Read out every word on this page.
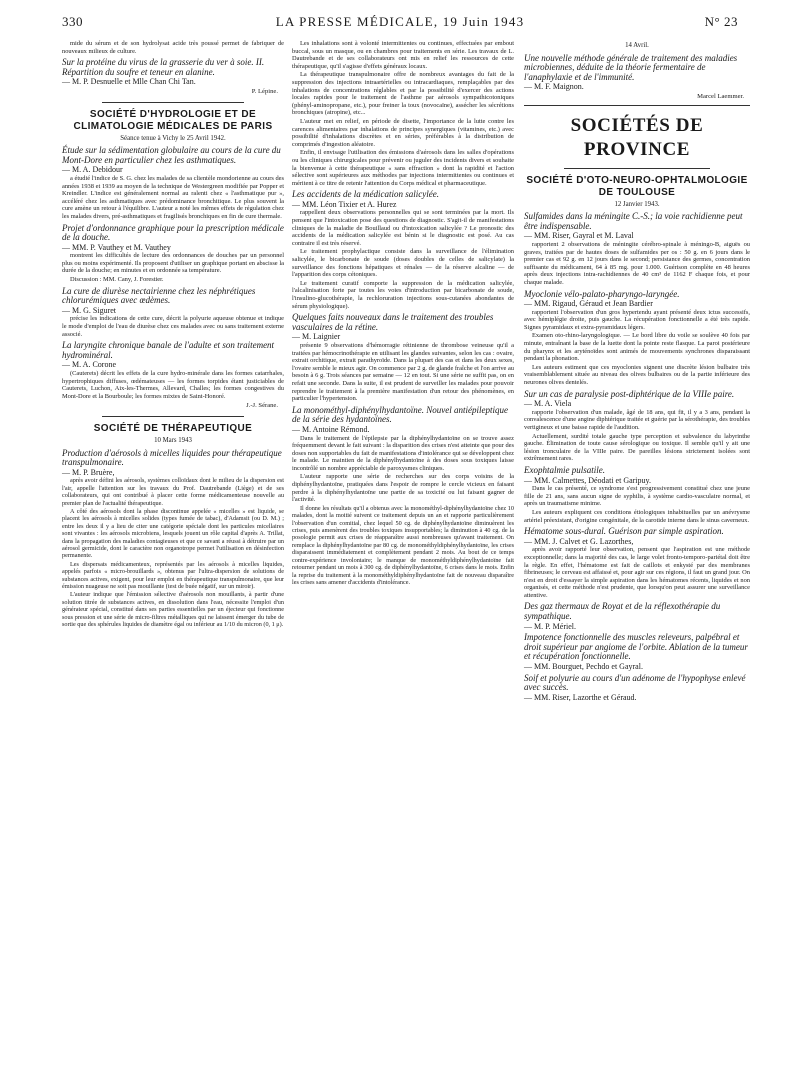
330	LA PRESSE MÉDICALE, 19 Juin 1943	N° 23

mide du sérum et de son hydrolysat acide très poussé permet de fabriquer de nouveaux milieux de culture.

Sur la protéine du virus de la grasserie du ver à soie. II. Répartition du soufre et teneur en alanine.
— M. P. Desnuelle et Mlle Chan Chi Tan.
P. Lépine.
SOCIÉTÉ D'HYDROLOGIE ET DE CLIMATOLOGIE MÉDICALES DE PARIS
Séance tenue à Vichy le 25 Avril 1942.
Étude sur la sédimentation globulaire au cours de la cure du Mont-Dore en particulier chez les asthmatiques.
— M. A. Debidour

a étudié l'indice de S. G. chez les malades de sa clientèle mondorienne au cours des années 1938 et 1939 au moyen de la technique de Westergreen modifiée par Popper et Kreindler. L'indice est généralement normal au ralenti chez « l'asthmatique pur », accéléré chez les asthmatiques avec prédominance bronchitique. Le plus souvent la cure amène un retour à l'équilibre. L'auteur a noté les mêmes effets de régulation chez les malades divers, pré-asthmatiques et fragilisés bronchiques en fin de cure thermale.

Projet d'ordonnance graphique pour la prescription médicale de la douche.
— MM. P. Vauthey et M. Vauthey

montrent les difficultés de lecture des ordonnances de douches par un personnel plus ou moins expérimenté. Ils proposent d'utiliser un graphique portant en abscisse la durée de la douche; en minutes et en ordonnée sa température.

Discussion : MM. Cany, J. Forestier.

La cure de diurèse nectairienne chez les néphrétiques chlorurémiques avec œdèmes.
— M. G. Siguret

précise les indications de cette cure, décrit la polyurie aqueuse obtenue et indique le mode d'emploi de l'eau de diurèse chez ces malades avec ou sans traitement externe associé.

La laryngite chronique banale de l'adulte et son traitement hydrominéral.
— M. A. Corone

(Cauterets) décrit les effets de la cure hydro-minérale dans les formes catarrhales, hypertrophiques diffuses, œdémateuses — les formes torpides étant justiciables de Cauterets, Luchon, Aix-les-Thermes, Allevard, Challes; les formes congestives du Mont-Dore et la Bourboule; les formes mixtes de Saint-Honoré.

J.-J. Sérane.
SOCIÉTÉ DE THÉRAPEUTIQUE
10 Mars 1943
Production d'aérosols à micelles liquides pour thérapeutique transpulmonaire.
— M. P. Bruère,

après avoir défini les aérosols, systèmes colloïdaux dont le milieu de la dispersion est l'air, appelle l'attention sur les travaux du Prof. Dautrebande (Liège) et de ses collaborateurs, qui ont contribué à placer cette forme médicamenteuse nouvelle au premier plan de l'actualité thérapeutique.

A côté des aérosols dont la phase discontinue appelée « micelles » est liquide, se placent les aérosols à micelles solides (types fumée de tabac), d'Adamsit (ou D. M.) ; entre les deux il y a lieu de citer une catégorie spéciale dont les particules micellaires sont vivantes : les aérosols microbiens, lesquels jouent un rôle capital d'après A. Trillat, dans la propagation des maladies contagieuses et que ce savant a réussi à détruire par un aérosol germicide, dont le caractère non organotrope permet l'utilisation en désinfection permanente.

Les dispersats médicamenteux, représentés par les aérosols à micelles liquides, appelés parfois « micro-brouillards », obtenus par l'ultra-dispersion de solutions de substances actives, exigent, pour leur emploi en thérapeutique transpulmonaire, que leur émission nuageuse ne soit pas mouillante (test de buée négatif, sur un miroir).

L'auteur indique que l'émission sélective d'aérosols non mouillants, à partir d'une solution titrée de substances actives, en dissolution dans l'eau, nécessite l'emploi d'un générateur spécial, constitué dans ses parties essentielles par un éjecteur qui fonctionne sous pression et une série de micro-filtres métalliques qui ne laissent émerger du tube de sortie que des sphérules liquides de diamètre égal ou inférieur au 1/10 du micron (0, 1 μ).

Les inhalations sont à volonté intermittentes ou continues, effectuées par embout buccal, sous un masque, ou en chambres pour traitements en série. Les travaux de L. Dautrebande et de ses collaborateurs ont mis en relief les ressources de cette thérapeutique, qu'il s'agisse d'effets généraux locaux.

La thérapeutique transpulmonaire offre de nombreux avantages du fait de la suppression des injections intraartérielles ou intracardiaques, remplaçables par des inhalations de concentrations réglables et par la possibilité d'exercer des actions locales rapides pour le traitement de l'asthme par aérosols sympathicotoniques (phényl-aminopropane, etc.), pour freiner la toux (novocaïne), assécher les sécrétions bronchiques (atropine), etc...

L'auteur met en relief, en période de disette, l'importance de la lutte contre les carences alimentaires par inhalations de principes synergiques (vitamines, etc.) avec possibilité d'inhalations discrètes et en séries, préférables à la distribution de comprimés d'ingestion aléatoire.

Enfin, il envisage l'utilisation des émissions d'aérosols dans les salles d'opérations ou les cliniques chirurgicales pour prévenir ou juguler des incidents divers et souhaite la bienvenue à cette thérapeutique « sans effraction » dont la rapidité et l'action sélective sont supérieures aux méthodes par injections intermittentes ou continues et méritent à ce titre de retenir l'attention du Corps médical et pharmaceutique.

Les accidents de la médication salicylée.
— MM. Léon Tixier et A. Hurez

rappellent deux observations personnelles qui se sont terminées par la mort. Ils pensent que l'intoxication pose des questions de diagnostic. S'agit-il de manifestations cliniques de la maladie de Bouillaud ou d'intoxication salicylée ? Le pronostic des accidents de la médication salicylée est bénin si le diagnostic est posé. Au cas contraire il est très réservé.

Le traitement prophylactique consiste dans la surveillance de l'élimination salicylée, le bicarbonate de soude (doses doubles de celles de salicylate) la surveillance des fonctions hépatiques et rénales — de la réserve alcaline — de l'apparition des corps cétoniques.

Le traitement curatif comporte la suppression de la médication salicylée, l'alcalinisation forte par toutes les voies d'introduction par bicarbonate de soude, l'insulino-glucothérapie, la rechloruration injections sous-cutanées abondantes de sérum physiologique).

Quelques faits nouveaux dans le traitement des troubles vasculaires de la rétine.
— M. Laignier

présente 9 observations d'hémorragie rétinienne de thrombose veineuse qu'il a traitées par hémocrinothérapie en utilisant les glandes suivantes, selon les cas : ovaire, extrait orchitique, extrait parathyroïde. Dans la plupart des cas et dans les deux sexes, l'ovaire semble le mieux agir. On commence par 2 g. de glande fraîche et l'on arrive au besoin à 6 g. Trois séances par semaine — 12 en tout. Si une série ne suffit pas, on en refait une seconde. Dans la suite, il est prudent de surveiller les malades pour pouvoir reprendre le traitement à la première manifestation d'un retour des phénomènes, en particulier l'hypertension.

La monométhyl-diphénylhydantoïne. Nouvel antiépileptique de la série des hydantoïnes.
— M. Antoine Rémond.

Dans le traitement de l'épilepsie par la diphénylhydantoïne on se trouve assez fréquemment devant le fait suivant : la disparition des crises n'est atteinte que pour des doses non supportables du fait de manifestations d'intolérance qui se développent chez le malade. Le maintien de la diphénylhydantoïne à des doses sous toxiques laisse incontrôlé un nombre appréciable de paroxysmes cliniques.

L'auteur rapporte une série de recherches sur des corps voisins de la diphénylhydantoïne, pratiquées dans l'espoir de rompre le cercle vicieux en faisant perdre à la diphénylhydantoïne une partie de sa toxicité ou lui faisant gagner de l'activité.

Il donne les résultats qu'il a obtenus avec la monométhyl-diphénylhydantoïne chez 10 malades, dont la moitié suivent ce traitement depuis un an et rapporte particulièrement l'observation d'un comitial, chez lequel 50 cg. de diphénylhydantoïne diminuèrent les crises, puis amenèrent des troubles toxiques insupportables; la diminution à 40 cg. de la posologie permit aux crises de réapparaître aussi nombreuses qu'avant traitement. On remplace la diphénylhydantoïne par 80 cg. de monométhyldiphénylhydantoïne, les crises disparaissent immédiatement et complètement pendant 2 mois. Au bout de ce temps contre-expérience involontaire; le manque de monométhyldiphénylhydantoïne fait retourner pendant un mois à 300 cg. de diphénylhydantoïne, 6 crises dans le mois. Enfin la reprise du traitement à la monométhyldiphénylhydantoïne fait de nouveau disparaître les crises sans amener d'accidents d'intolérance.

14 Avril.
Une nouvelle méthode générale de traitement des maladies microbiennes, déduite de la théorie fermentaire de l'anaphylaxie et de l'immunité.
— M. F. Maignon.
Marcel Laemmer.
SOCIÉTÉS DE PROVINCE
SOCIÉTÉ D'OTO-NEURO-OPHTALMOLOGIE DE TOULOUSE
12 Janvier 1943.
Sulfamides dans la méningite C.-S.; la voie rachidienne peut être indispensable.
— MM. Riser, Gayral et M. Laval

rapportent 2 observations de méningite cérébro-spinale à méningo-B, aiguës ou graves, traitées par de hautes doses de sulfamides per os : 50 g. en 6 jours dans le premier cas et 92 g. en 12 jours dans le second; persistance des germes, concentration suffisante du médicament, 64 à 85 mg. pour 1.000. Guérison complète en 48 heures après deux injections intra-rachidiennes de 40 cm³ de 1162 F chaque fois, et pour chaque malade.

Myoclonie vélo-palato-pharyngo-laryngée.
— MM. Rigaud, Géraud et Jean Bardier

rapportent l'observation d'un gros hypertendu ayant présenté deux ictus successifs, avec hémiplégie droite, puis gauche. La récupération fonctionnelle a été très rapide. Signes pyramidaux et extra-pyramidaux légers.

Examen oto-rhino-laryngologique. — Le bord libre du voile se soulève 40 fois par minute, entraînant la base de la luette dont la pointe reste flasque. La paroi postérieure du pharynx et les aryténoïdes sont animés de mouvements synchrones disparaissant pendant la phonation.

Les auteurs estiment que ces myoclonies signent une discrète lésion bulbaire très vraisemblablement située au niveau des olives bulbaires ou de la partie inférieure des neurones olives dentelés.

Sur un cas de paralysie post-diphtérique de la VIIIe paire.
— M. A. Viela

rapporte l'observation d'un malade, âgé de 18 ans, qui fit, il y a 3 ans, pendant la convalescence d'une angine diphtérique traitée et guérie par la sérothérapie, des troubles vertigineux et une baisse rapide de l'audition.

Actuellement, surdité totale gauche type perception et subvalence du labyrinthe gauche. Élimination de toute cause sérologique ou toxique. Il semble qu'il y ait une lésion tronculaire de la VIIIe paire. De pareilles lésions strictement isolées sont extrêmement rares.

Exophtalmie pulsatile.
— MM. Calmettes, Déodati et Garipuy.

Dans le cas présenté, ce syndrome s'est progressivement constitué chez une jeune fille de 21 ans, sans aucun signe de syphilis, à système cardio-vasculaire normal, et après un traumatisme minime.

Les auteurs expliquent ces conditions étiologiques inhabituelles par un anévrysme artériel préexistant, d'origine congénitale, de la carotide interne dans le sinus caverneux.

Hématome sous-dural. Guérison par simple aspiration.
— MM. J. Calvet et G. Lazorthes,

après avoir rapporté leur observation, pensent que l'aspiration est une méthode exceptionnelle; dans la majorité des cas, le large volet fronto-temporo-pariétal doit être la règle. En effet, l'hématome est fait de caillots et enkysté par des membranes fibrineuses; le cerveau est affaissé et, pour agir sur ces régions, il faut un grand jour. On n'est en droit d'essayer la simple aspiration dans les hématomes récents, liquides et non organisés, et cette méthode n'est prudente, que lorsqu'on peut assurer une surveillance attentive.

Des gaz thermaux de Royat et de la réflexothérapie du sympathique.
— M. P. Mériel.
Impotence fonctionnelle des muscles releveurs, palpébral et droit supérieur par angiome de l'orbite. Ablation de la tumeur et récupération fonctionnelle.
— MM. Bourguet, Pechdo et Gayral.
Soif et polyurie au cours d'un adénome de l'hypophyse enlevé avec succès.
— MM. Riser, Lazorthe et Géraud.
